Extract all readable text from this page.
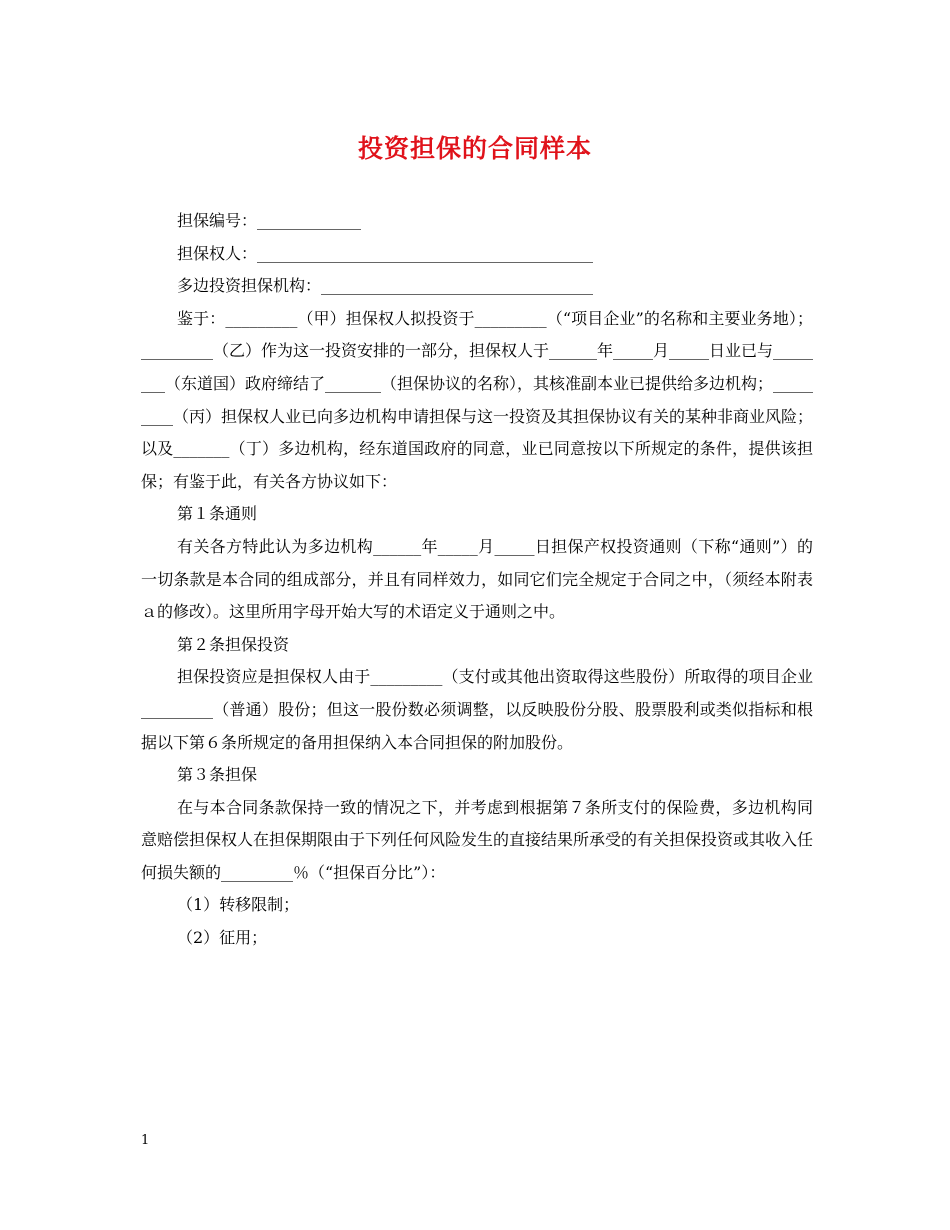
投资担保的合同样本

担保编号：_____________

担保权人：__________________________________________

多边投资担保机构：__________________________________

鉴于：_________（甲）担保权人拟投资于_________（“项目企业”的名称和主要业务地）；_________（乙）作为这一投资安排的一部分，担保权人于______年_____月_____日业已与________（东道国）政府缔结了_______（担保协议的名称），其核准副本业已提供给多边机构；_________（丙）担保权人业已向多边机构申请担保与这一投资及其担保协议有关的某种非商业风险；以及_______（丁）多边机构，经东道国政府的同意，业已同意按以下所规定的条件，提供该担保；有鉴于此，有关各方协议如下：

第１条通则

有关各方特此认为多边机构______年_____月_____日担保产权投资通则（下称“通则”）的一切条款是本合同的组成部分，并且有同样效力，如同它们完全规定于合同之中，（须经本附表ａ的修改）。这里所用字母开始大写的术语定义于通则之中。

第２条担保投资

担保投资应是担保权人由于_________（支付或其他出资取得这些股份）所取得的项目企业_________（普通）股份；但这一股份数必须调整，以反映股份分股、股票股利或类似指标和根据以下第６条所规定的备用担保纳入本合同担保的附加股份。

第３条担保

在与本合同条款保持一致的情况之下，并考虑到根据第７条所支付的保险费，多边机构同意赔偿担保权人在担保期限由于下列任何风险发生的直接结果所承受的有关担保投资或其收入任何损失额的_________％（“担保百分比”）：

（1）转移限制；

（2）征用；

1
